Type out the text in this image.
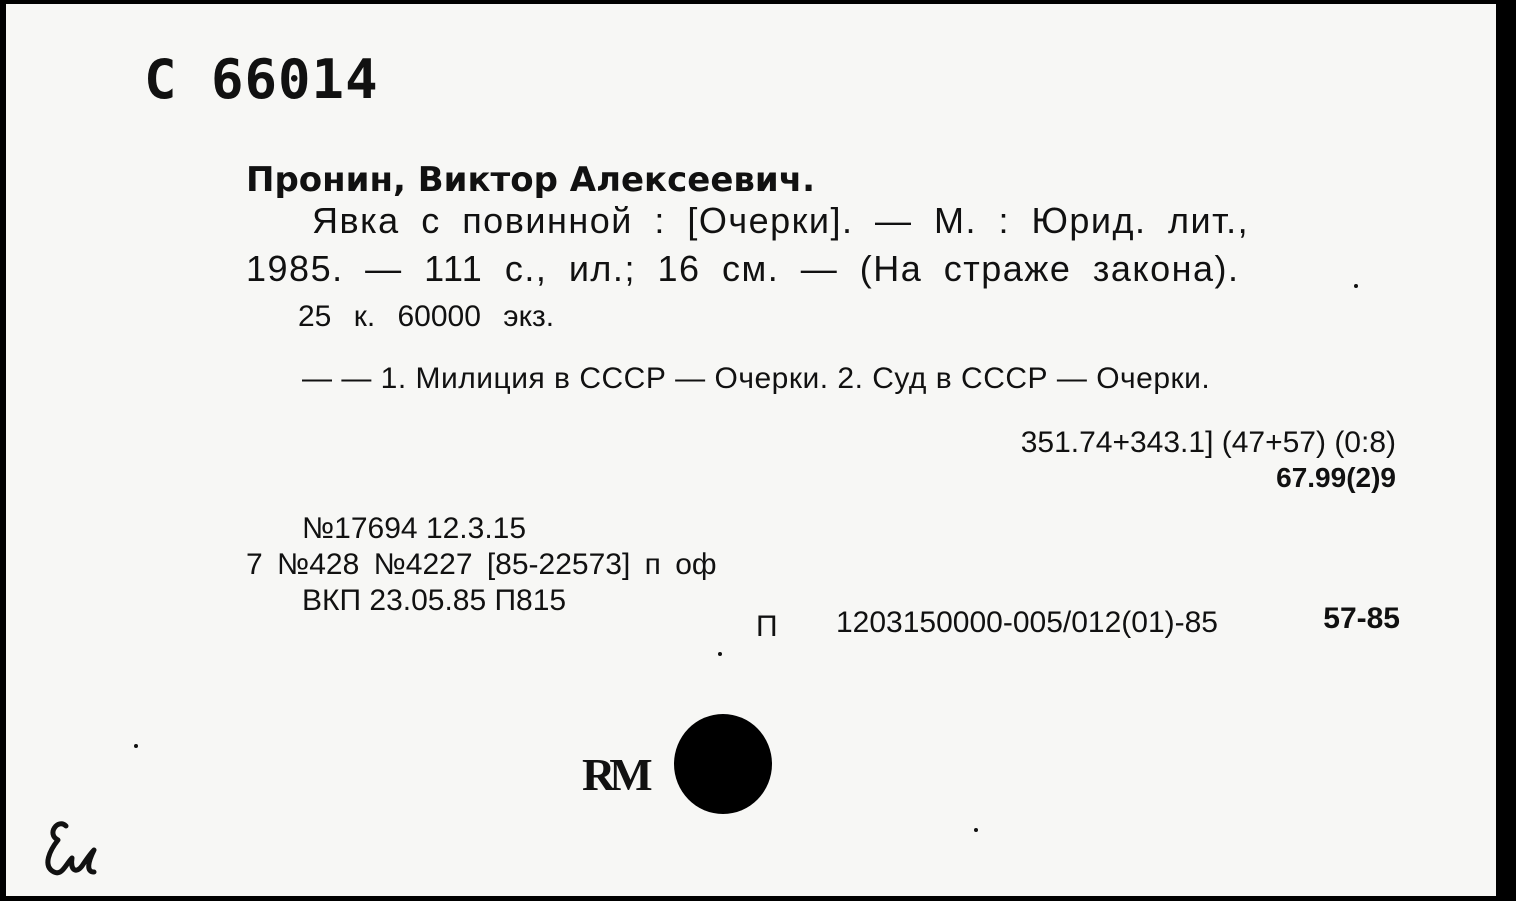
C 66014
Пронин, Виктор Алексеевич.
Явка с повинной : [Очерки]. — М. : Юрид. лит.,
1985. — 111 с., ил.; 16 см. — (На страже закона).
25 к. 60000 экз.
— — 1. Милиция в СССР — Очерки. 2. Суд в СССР — Очерки.
351.74+343.1] (47+57) (0:8)
67.99(2)9
№17694 12.3.15
7 №428 №4227 [85-22573] п оф
ВКП 23.05.85 П815
П 1203150000-005/012(01)-85	57-85
RM
